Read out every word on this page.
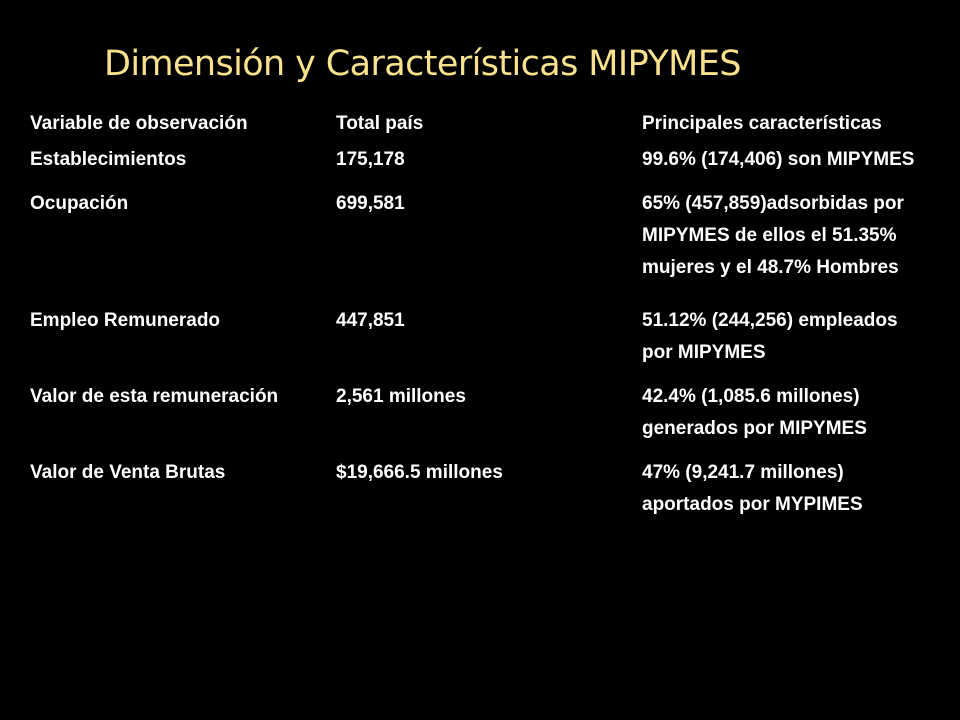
Dimensión y Características MIPYMES
Variable de observación	Total país	Principales características

Establecimientos	175,178	99.6% (174,406) son MIPYMES

Ocupación	699,581	65% (457,859)adsorbidas por MIPYMES de ellos el 51.35% mujeres y el 48.7% Hombres

Empleo Remunerado	447,851	51.12% (244,256) empleados por MIPYMES

Valor de esta remuneración	2,561 millones	42.4% (1,085.6 millones) generados por MIPYMES

Valor de Venta Brutas	$19,666.5 millones	47% (9,241.7 millones) aportados por MYPIMES
